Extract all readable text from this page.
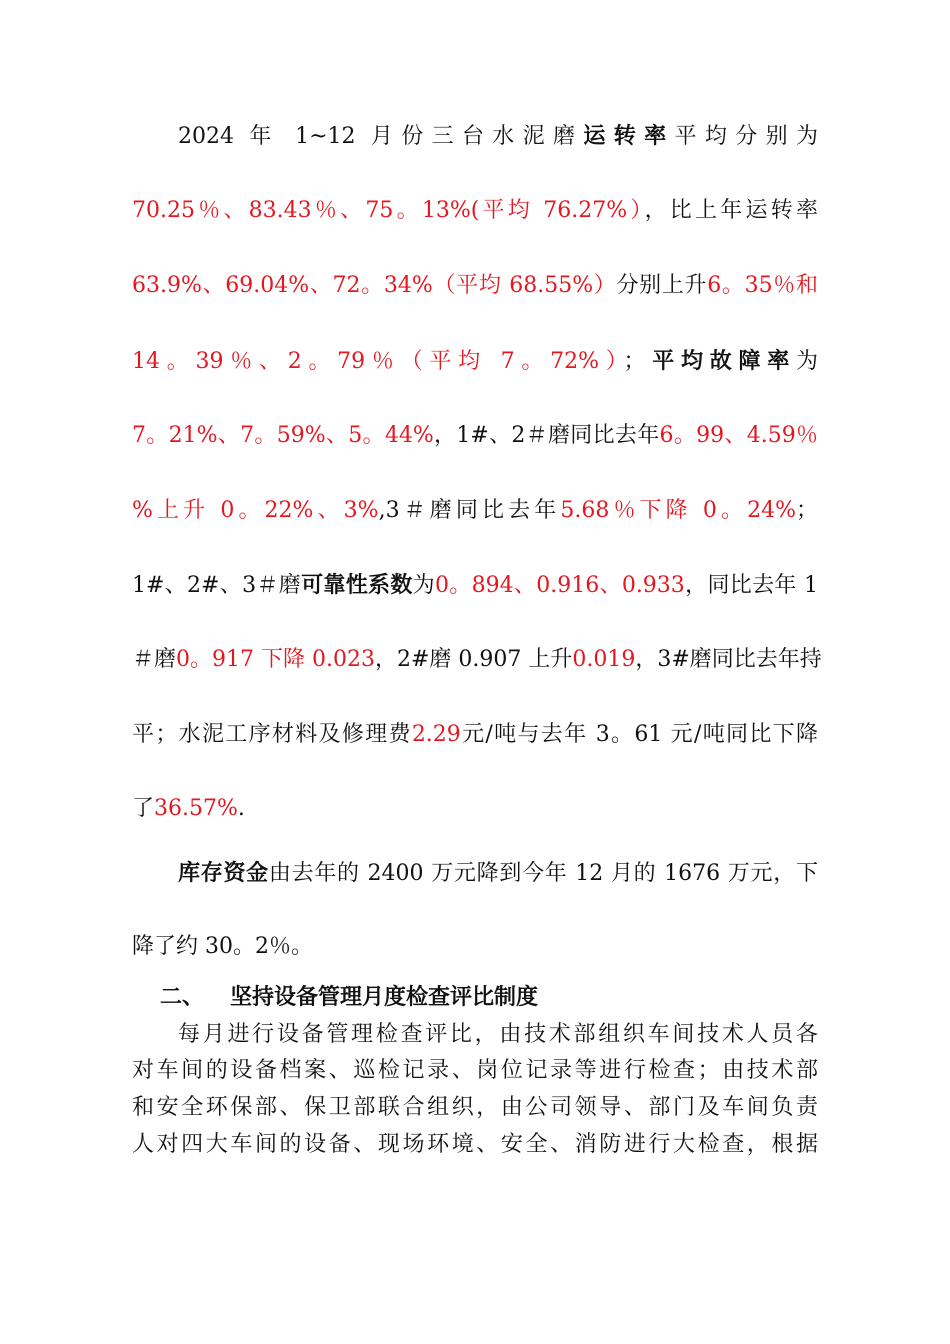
2024 年 1~12 月份三台水泥磨运转率平均分别为
70.25％、83.43％、75。13%(平均 76.27%），比上年运转率
63.9%、69.04%、72。34%（平均 68.55%）分别上升6。35％和
14。39％、2。79％（平均 7。72%）；平均故障率为
7。21%、7。59%、5。44%，1#、2＃磨同比去年6。99、4.59％
%上升 0。22%、3%,3＃磨同比去年5.68％下降 0。24%；
1#、2#、3＃磨可靠性系数为0。894、0.916、0.933，同比去年 1
＃磨0。917 下降 0.023，2#磨 0.907 上升0.019，3#磨同比去年持
平；水泥工序材料及修理费2.29元/吨与去年 3。61 元/吨同比下降
了36.57%.
库存资金由去年的 2400 万元降到今年 12 月的 1676 万元，下
降了约 30。2％。
二、 坚持设备管理月度检查评比制度
每月进行设备管理检查评比，由技术部组织车间技术人员各
对车间的设备档案、巡检记录、岗位记录等进行检查；由技术部
和安全环保部、保卫部联合组织，由公司领导、部门及车间负责
人对四大车间的设备、现场环境、安全、消防进行大检查，根据
